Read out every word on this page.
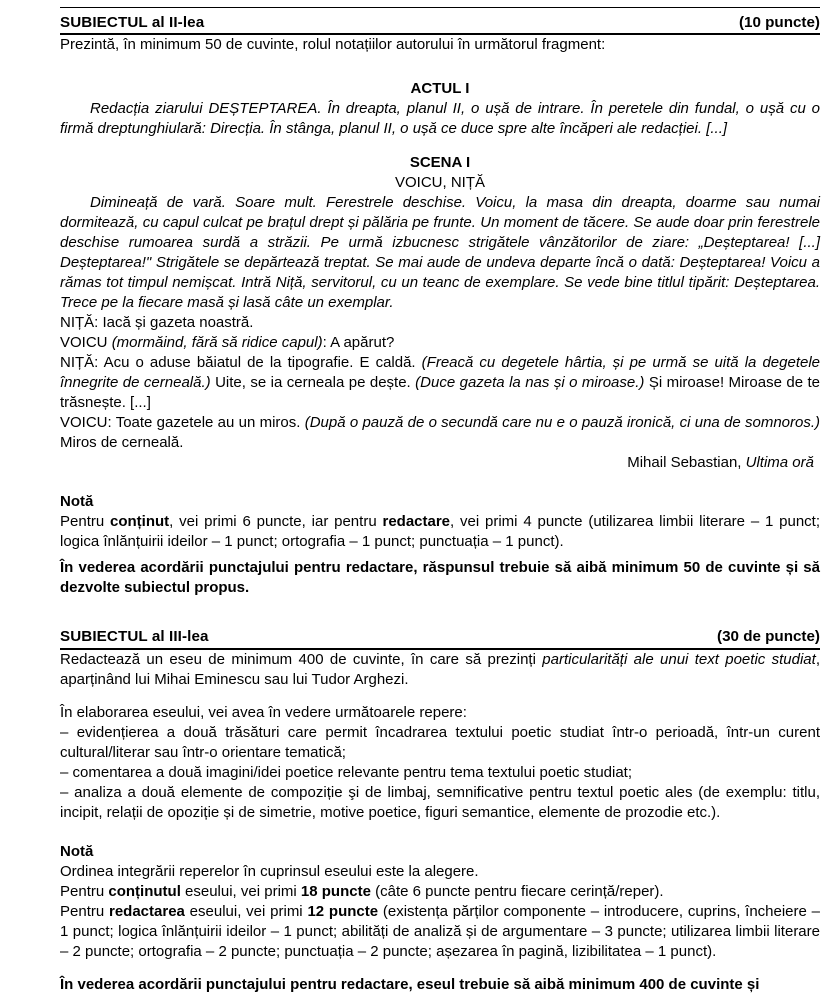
SUBIECTUL al II-lea	(10 puncte)

Prezintă, în minimum 50 de cuvinte, rolul notațiilor autorului în următorul fragment:

ACTUL I

Redacția ziarului DEȘTEPTAREA. În dreapta, planul II, o ușă de intrare. În peretele din fundal, o ușă cu o firmă dreptunghiulară: Direcția. În stânga, planul II, o ușă ce duce spre alte încăperi ale redacției. [...]

SCENA I
VOICU, NIȚĂ

Dimineață de vară. Soare mult. Ferestrele deschise. Voicu, la masa din dreapta, doarme sau numai dormitează, cu capul culcat pe brațul drept și pălăria pe frunte. Un moment de tăcere. Se aude doar prin ferestrele deschise rumoarea surdă a străzii. Pe urmă izbucnesc strigătele vânzătorilor de ziare: „Deșteptarea! [...] Deșteptarea!" Strigătele se depărtează treptat. Se mai aude de undeva departe încă o dată: Deșteptarea! Voicu a rămas tot timpul nemișcat. Intră Niță, servitorul, cu un teanc de exemplare. Se vede bine titlul tipărit: Deșteptarea. Trece pe la fiecare masă și lasă câte un exemplar.

NIȚĂ: Iacă și gazeta noastră.

VOICU (mormăind, fără să ridice capul): A apărut?

NIȚĂ: Acu o aduse băiatul de la tipografie. E caldă. (Freacă cu degetele hârtia, și pe urmă se uită la degetele înnegrite de cerneală.) Uite, se ia cerneala pe dește. (Duce gazeta la nas și o miroase.) Și miroase! Miroase de te trăsnește. [...]

VOICU: Toate gazetele au un miros. (După o pauză de o secundă care nu e o pauză ironică, ci una de somnoros.) Miros de cerneală.

Mihail Sebastian, Ultima oră

Notă

Pentru conținut, vei primi 6 puncte, iar pentru redactare, vei primi 4 puncte (utilizarea limbii literare – 1 punct; logica înlănțuirii ideilor – 1 punct; ortografia – 1 punct; punctuația – 1 punct).

În vederea acordării punctajului pentru redactare, răspunsul trebuie să aibă minimum 50 de cuvinte și să dezvolte subiectul propus.

SUBIECTUL al III-lea	(30 de puncte)

Redactează un eseu de minimum 400 de cuvinte, în care să prezinți particularități ale unui text poetic studiat, aparținând lui Mihai Eminescu sau lui Tudor Arghezi.

În elaborarea eseului, vei avea în vedere următoarele repere:

– evidențierea a două trăsături care permit încadrarea textului poetic studiat într-o perioadă, într-un curent cultural/literar sau într-o orientare tematică;

– comentarea a două imagini/idei poetice relevante pentru tema textului poetic studiat;

– analiza a două elemente de compoziție şi de limbaj, semnificative pentru textul poetic ales (de exemplu: titlu, incipit, relații de opoziție și de simetrie, motive poetice, figuri semantice, elemente de prozodie etc.).

Notă

Ordinea integrării reperelor în cuprinsul eseului este la alegere.

Pentru conținutul eseului, vei primi 18 puncte (câte 6 puncte pentru fiecare cerință/reper).

Pentru redactarea eseului, vei primi 12 puncte (existența părților componente – introducere, cuprins, încheiere – 1 punct; logica înlănțuirii ideilor – 1 punct; abilități de analiză și de argumentare – 3 puncte; utilizarea limbii literare – 2 puncte; ortografia – 2 puncte; punctuația – 2 puncte; așezarea în pagină, lizibilitatea – 1 punct).

În vederea acordării punctajului pentru redactare, eseul trebuie să aibă minimum 400 de cuvinte și
